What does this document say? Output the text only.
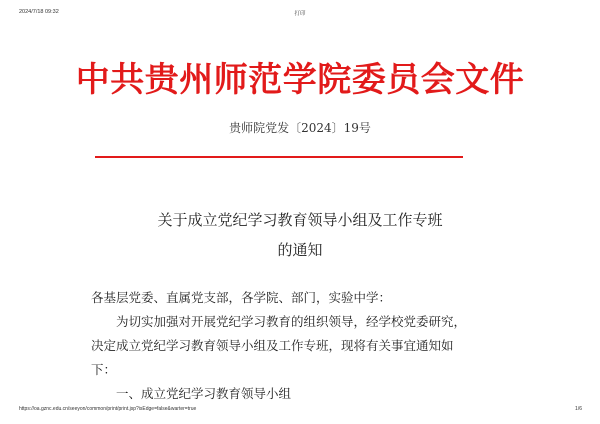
2024/7/18 09:32	打印
中共贵州师范学院委员会文件
贵师院党发〔2024〕19号
关于成立党纪学习教育领导小组及工作专班
的通知
各基层党委、直属党支部，各学院、部门，实验中学：
为切实加强对开展党纪学习教育的组织领导，经学校党委研究，
决定成立党纪学习教育领导小组及工作专班，现将有关事宜通知如
下：
一、成立党纪学习教育领导小组
https://oa.gznc.edu.cn/seeyon/common/print/print.jsp?isEdge=false&warter=true	1/6
